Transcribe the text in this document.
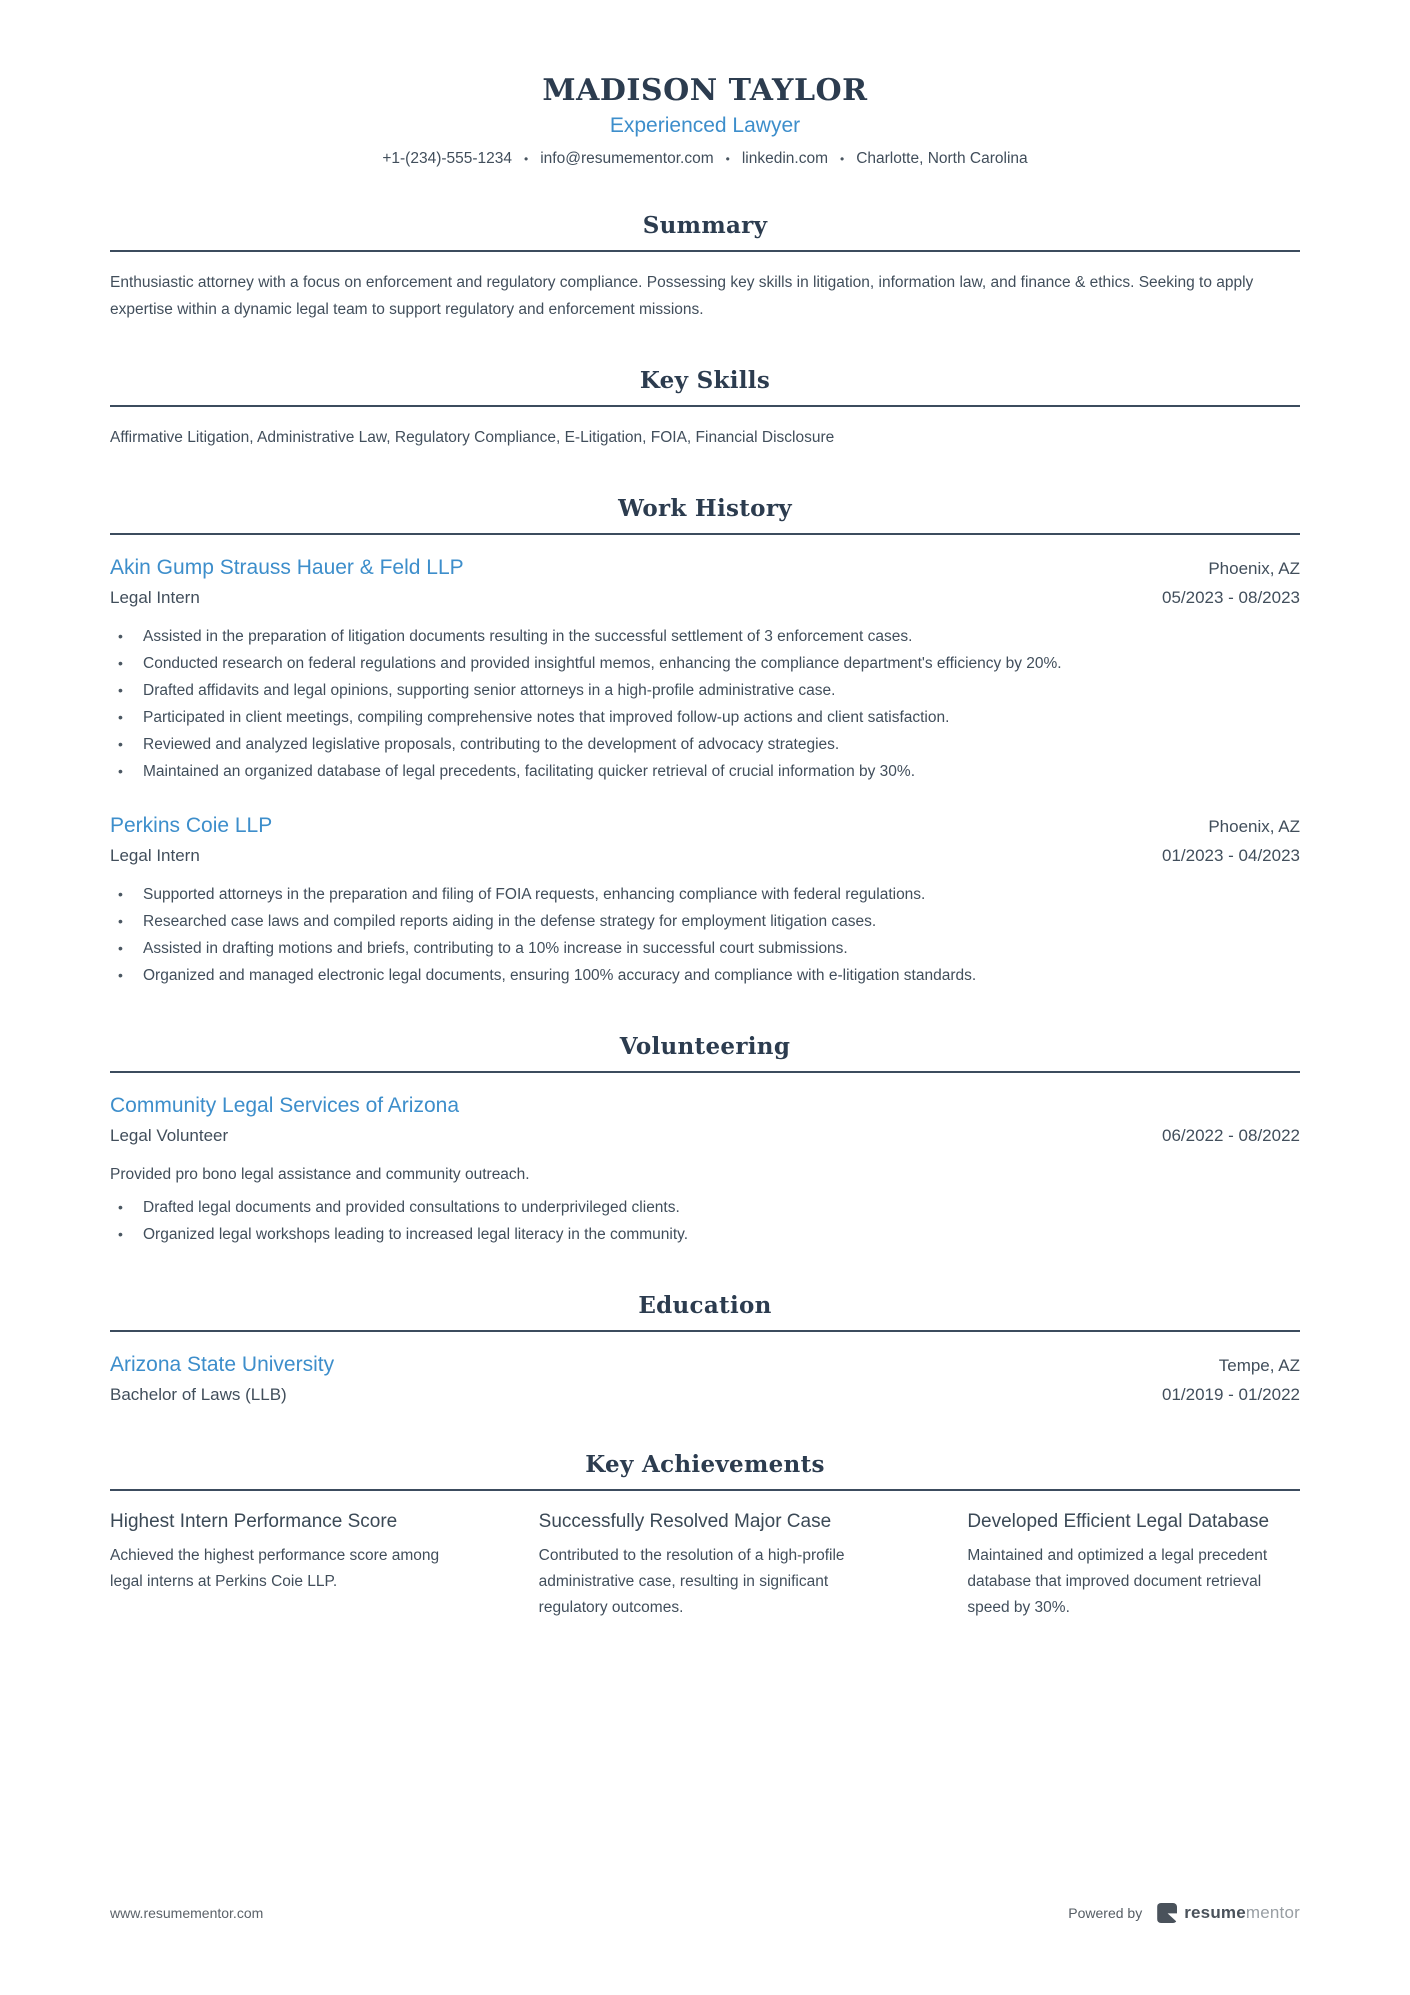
MADISON TAYLOR
Experienced Lawyer
+1-(234)-555-1234 • info@resumementor.com • linkedin.com • Charlotte, North Carolina
Summary
Enthusiastic attorney with a focus on enforcement and regulatory compliance. Possessing key skills in litigation, information law, and finance & ethics. Seeking to apply expertise within a dynamic legal team to support regulatory and enforcement missions.
Key Skills
Affirmative Litigation, Administrative Law, Regulatory Compliance, E-Litigation, FOIA, Financial Disclosure
Work History
Akin Gump Strauss Hauer & Feld LLP	Phoenix, AZ
Legal Intern	05/2023 - 08/2023
• Assisted in the preparation of litigation documents resulting in the successful settlement of 3 enforcement cases.
• Conducted research on federal regulations and provided insightful memos, enhancing the compliance department's efficiency by 20%.
• Drafted affidavits and legal opinions, supporting senior attorneys in a high-profile administrative case.
• Participated in client meetings, compiling comprehensive notes that improved follow-up actions and client satisfaction.
• Reviewed and analyzed legislative proposals, contributing to the development of advocacy strategies.
• Maintained an organized database of legal precedents, facilitating quicker retrieval of crucial information by 30%.
Perkins Coie LLP	Phoenix, AZ
Legal Intern	01/2023 - 04/2023
• Supported attorneys in the preparation and filing of FOIA requests, enhancing compliance with federal regulations.
• Researched case laws and compiled reports aiding in the defense strategy for employment litigation cases.
• Assisted in drafting motions and briefs, contributing to a 10% increase in successful court submissions.
• Organized and managed electronic legal documents, ensuring 100% accuracy and compliance with e-litigation standards.
Volunteering
Community Legal Services of Arizona
Legal Volunteer	06/2022 - 08/2022
Provided pro bono legal assistance and community outreach.
• Drafted legal documents and provided consultations to underprivileged clients.
• Organized legal workshops leading to increased legal literacy in the community.
Education
Arizona State University	Tempe, AZ
Bachelor of Laws (LLB)	01/2019 - 01/2022
Key Achievements
Highest Intern Performance Score
Achieved the highest performance score among legal interns at Perkins Coie LLP.
Successfully Resolved Major Case
Contributed to the resolution of a high-profile administrative case, resulting in significant regulatory outcomes.
Developed Efficient Legal Database
Maintained and optimized a legal precedent database that improved document retrieval speed by 30%.
www.resumementor.com	Powered by resumementor
